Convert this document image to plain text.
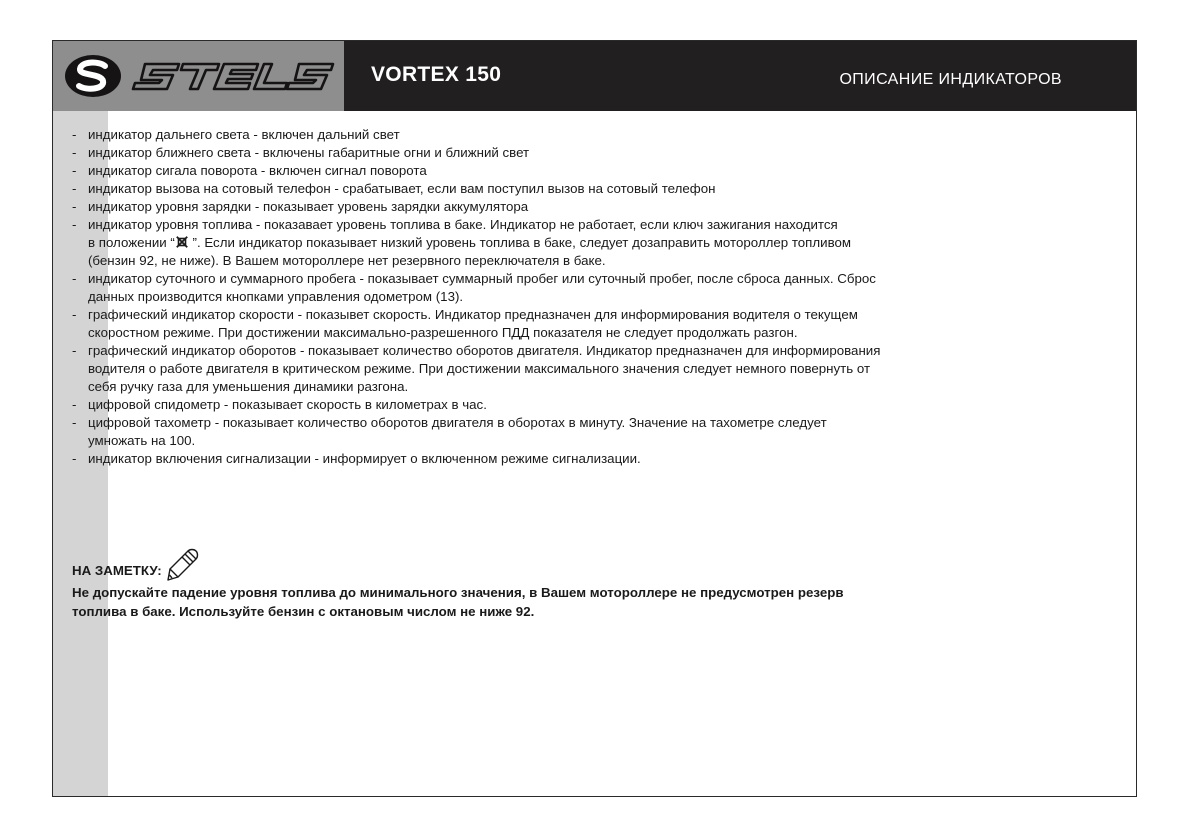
VORTEX 150	ОПИСАНИЕ ИНДИКАТОРОВ
- индикатор дальнего света - включен дальний свет
- индикатор ближнего света - включены габаритные огни и ближний свет
- индикатор сигала поворота - включен сигнал поворота
- индикатор вызова на сотовый телефон - срабатывает, если вам поступил вызов на сотовый телефон
- индикатор уровня зарядки - показывает уровень зарядки аккумулятора
- индикатор уровня топлива - показавает уровень топлива в баке. Индикатор не работает, если ключ зажигания находится
в положении “ ”. Если индикатор показывает низкий уровень топлива в баке, следует дозаправить мотороллер топливом
(бензин 92, не ниже). В Вашем мотороллере нет резервного переключателя в баке.
- индикатор суточного и суммарного пробега - показывает суммарный пробег или суточный пробег, после сброса данных. Сброс
данных производится кнопками управления одометром (13).
- графический индикатор скорости - показывет скорость. Индикатор предназначен для информирования водителя о текущем
скоростном режиме. При достижении максимально-разрешенного ПДД показателя не следует продолжать разгон.
- графический индикатор оборотов - показывает количество оборотов двигателя. Индикатор предназначен для информирования
водителя о работе двигателя в критическом режиме. При достижении максимального значения следует немного повернуть от
себя ручку газа для уменьшения динамики разгона.
- цифровой спидометр - показывает скорость в километрах в час.
- цифровой тахометр - показывает количество оборотов двигателя в оборотах в минуту. Значение на тахометре следует
умножать на 100.
- индикатор включения сигнализации - информирует о включенном режиме сигнализации.
НА ЗАМЕТКУ:
Не допускайте падение уровня топлива до минимального значения, в Вашем мотороллере не предусмотрен резерв
топлива в баке. Используйте бензин с октановым числом не ниже 92.
